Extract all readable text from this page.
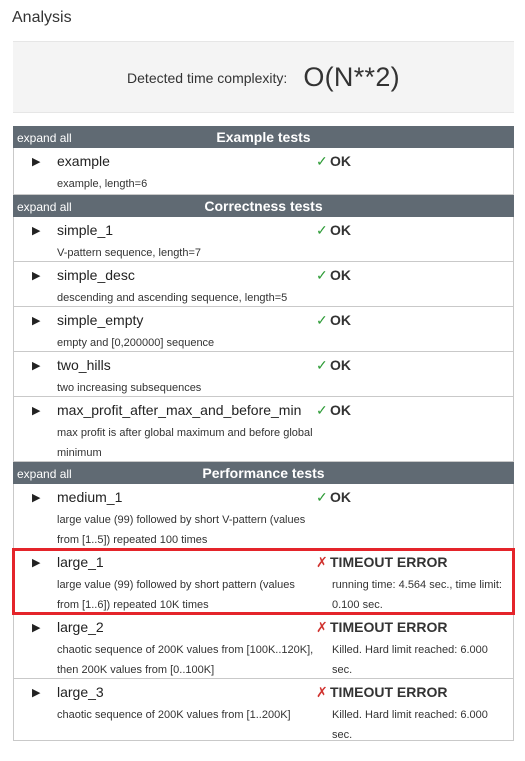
Analysis
Detected time complexity: O(N**2)
expand all	Example tests
▶ example
example, length=6
✓ OK
expand all	Correctness tests
▶ simple_1
V-pattern sequence, length=7
✓ OK
▶ simple_desc
descending and ascending sequence, length=5
✓ OK
▶ simple_empty
empty and [0,200000] sequence
✓ OK
▶ two_hills
two increasing subsequences
✓ OK
▶ max_profit_after_max_and_before_min
max profit is after global maximum and before global minimum
✓ OK
expand all	Performance tests
▶ medium_1
large value (99) followed by short V-pattern (values from [1..5]) repeated 100 times
✓ OK
▶ large_1
large value (99) followed by short pattern (values from [1..6]) repeated 10K times
✗ TIMEOUT ERROR
running time: 4.564 sec., time limit: 0.100 sec.
▶ large_2
chaotic sequence of 200K values from [100K..120K], then 200K values from [0..100K]
✗ TIMEOUT ERROR
Killed. Hard limit reached: 6.000 sec.
▶ large_3
chaotic sequence of 200K values from [1..200K]
✗ TIMEOUT ERROR
Killed. Hard limit reached: 6.000 sec.
